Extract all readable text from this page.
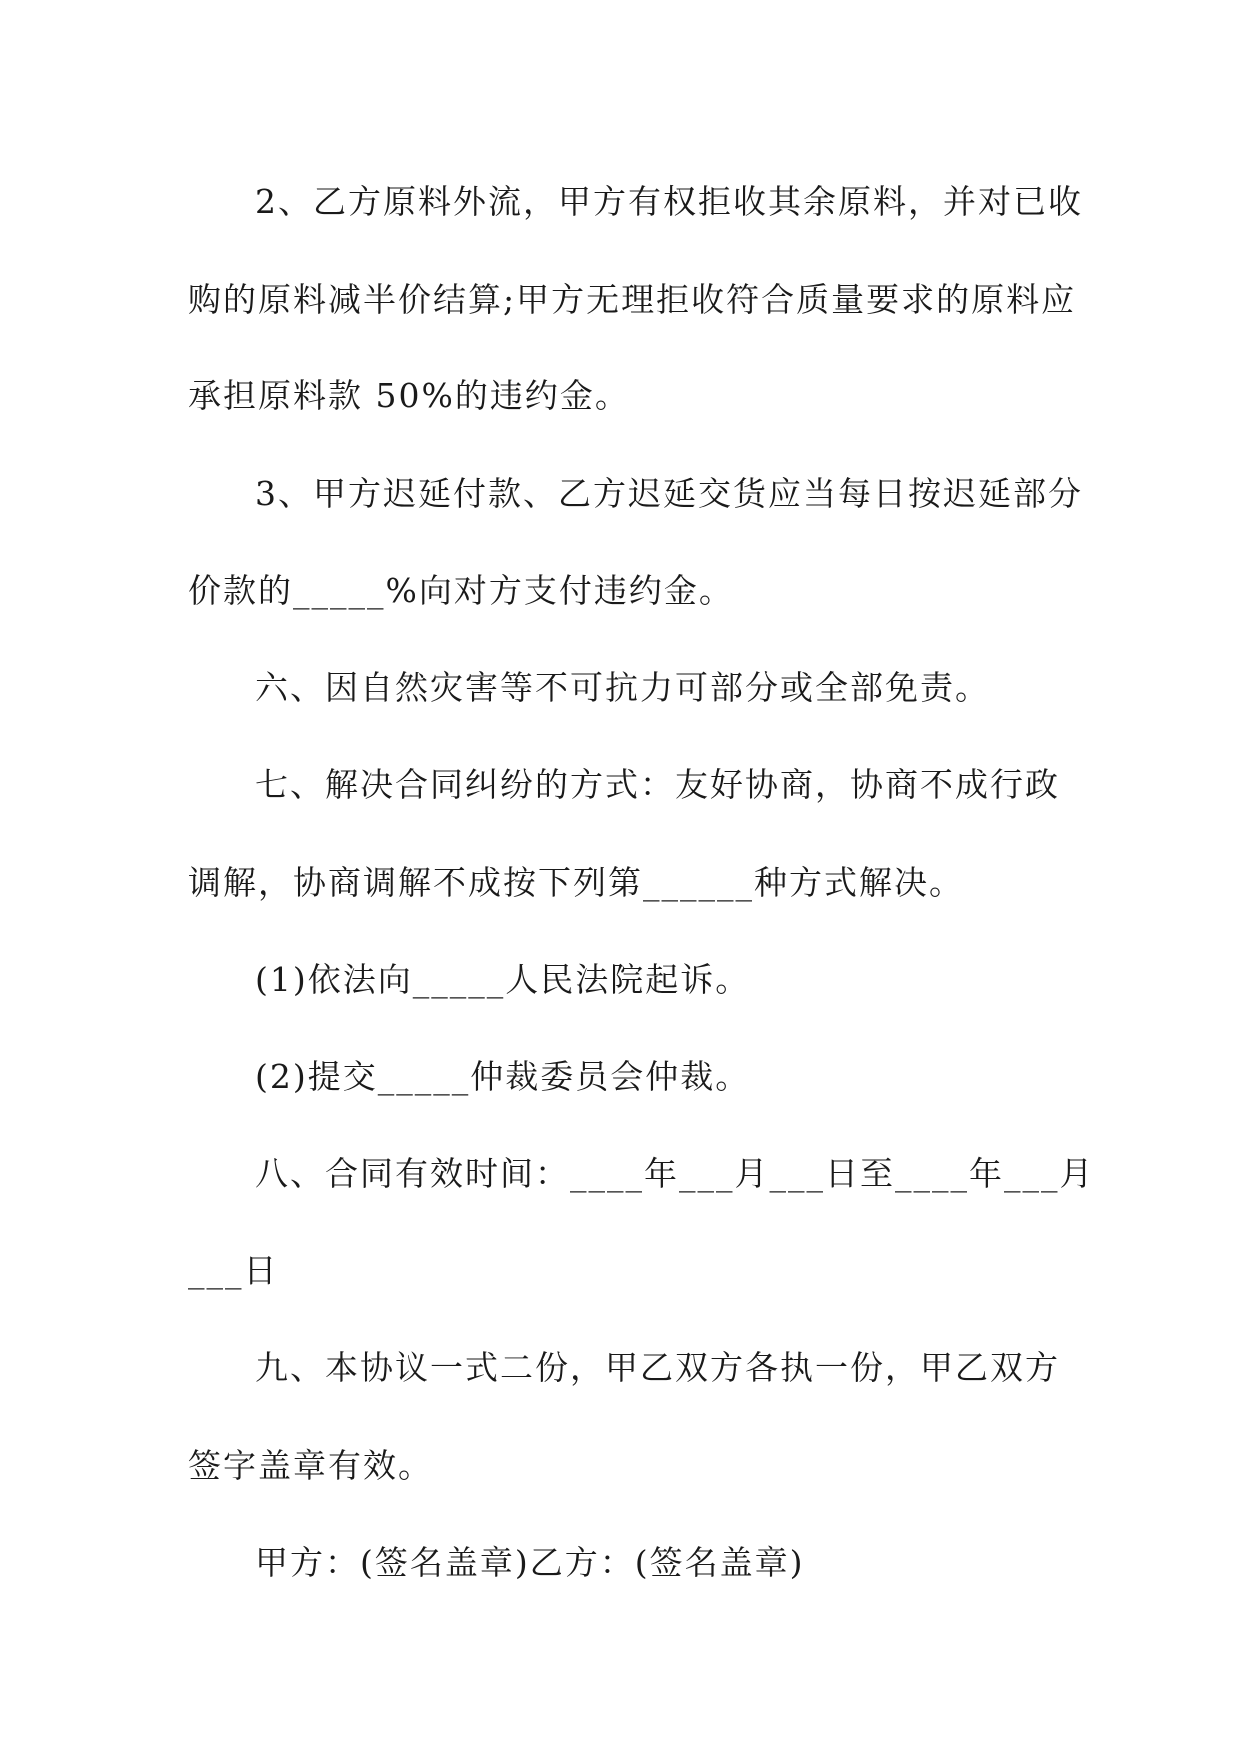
2、乙方原料外流，甲方有权拒收其余原料，并对已收
购的原料减半价结算;甲方无理拒收符合质量要求的原料应
承担原料款 50%的违约金。
3、甲方迟延付款、乙方迟延交货应当每日按迟延部分
价款的_____%向对方支付违约金。
六、因自然灾害等不可抗力可部分或全部免责。
七、解决合同纠纷的方式：友好协商，协商不成行政
调解，协商调解不成按下列第______种方式解决。
(1)依法向_____人民法院起诉。
(2)提交_____仲裁委员会仲裁。
八、合同有效时间：____年___月___日至____年___月
___日
九、本协议一式二份，甲乙双方各执一份，甲乙双方
签字盖章有效。
甲方：(签名盖章)乙方：(签名盖章)
